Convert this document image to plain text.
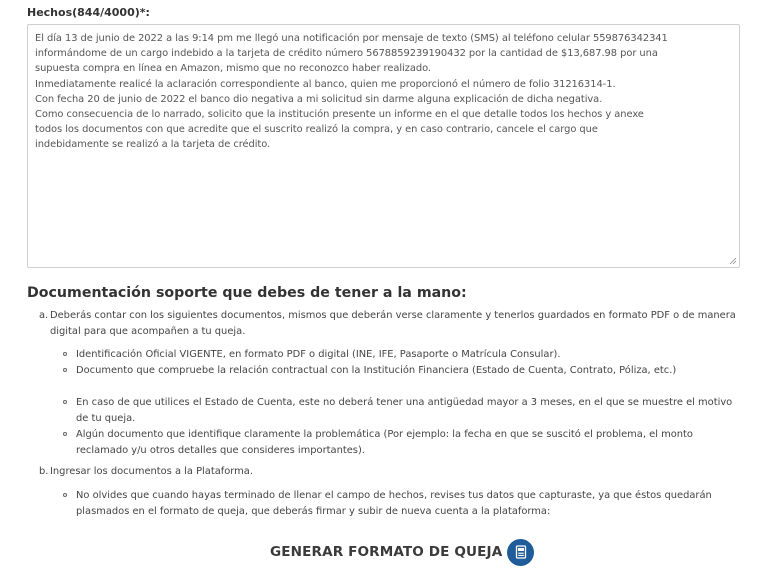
Hechos(844/4000)*:
El día 13 de junio de 2022 a las 9:14 pm me llegó una notificación por mensaje de texto (SMS) al teléfono celular 559876342341
informándome de un cargo indebido a la tarjeta de crédito número 5678859239190432 por la cantidad de $13,687.98 por una
supuesta compra en línea en Amazon, mismo que no reconozco haber realizado.
Inmediatamente realicé la aclaración correspondiente al banco, quien me proporcionó el número de folio 31216314-1.
Con fecha 20 de junio de 2022 el banco dio negativa a mi solicitud sin darme alguna explicación de dicha negativa.
Como consecuencia de lo narrado, solicito que la institución presente un informe en el que detalle todos los hechos y anexe
todos los documentos con que acredite que el suscrito realizó la compra, y en caso contrario, cancele el cargo que
indebidamente se realizó a la tarjeta de crédito.
Documentación soporte que debes de tener a la mano:
a. Deberás contar con los siguientes documentos, mismos que deberán verse claramente y tenerlos guardados en formato PDF o de manera digital para que acompañen a tu queja.
Identificación Oficial VIGENTE, en formato PDF o digital (INE, IFE, Pasaporte o Matrícula Consular).
Documento que compruebe la relación contractual con la Institución Financiera (Estado de Cuenta, Contrato, Póliza, etc.)
En caso de que utilices el Estado de Cuenta, este no deberá tener una antigüedad mayor a 3 meses, en el que se muestre el motivo de tu queja.
Algún documento que identifique claramente la problemática (Por ejemplo: la fecha en que se suscitó el problema, el monto reclamado y/u otros detalles que consideres importantes).
b. Ingresar los documentos a la Plataforma.
No olvides que cuando hayas terminado de llenar el campo de hechos, revises tus datos que capturaste, ya que éstos quedarán plasmados en el formato de queja, que deberás firmar y subir de nueva cuenta a la plataforma:
GENERAR FORMATO DE QUEJA
